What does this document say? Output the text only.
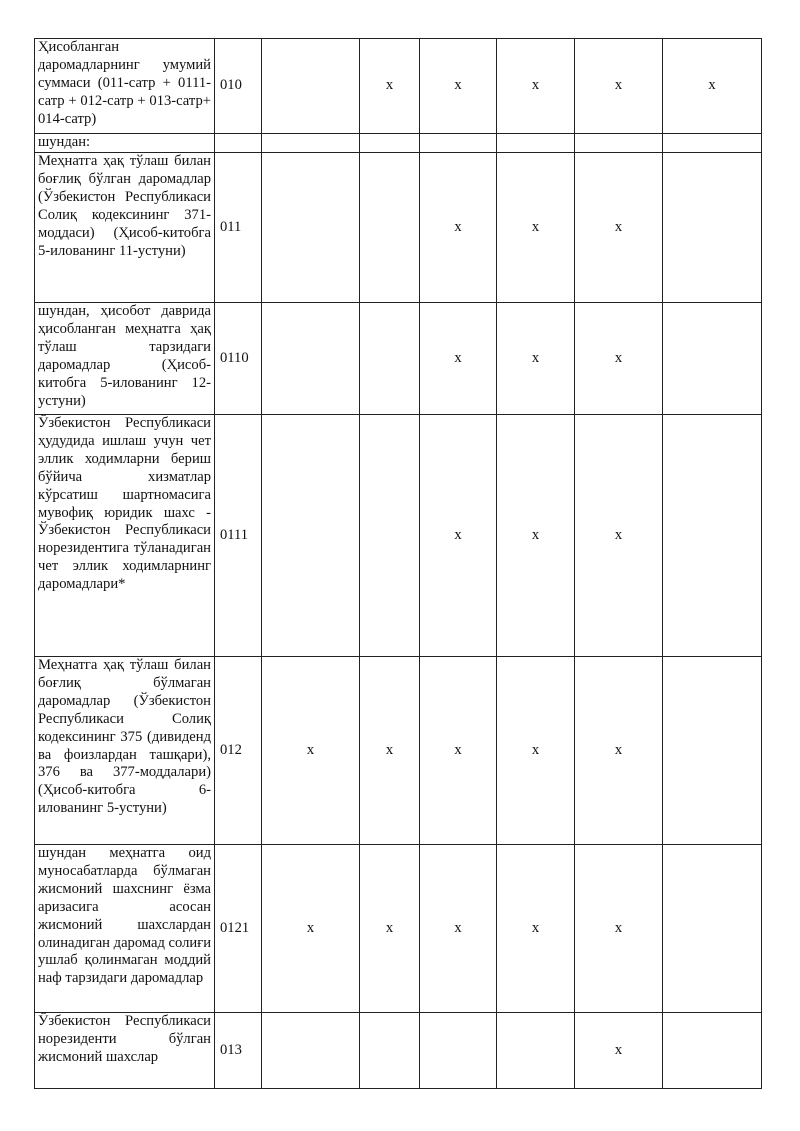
Ҳисобланган даромадларнинг умумий суммаси (011-сатр + 0111-сатр + 012-сатр + 013-сатр+ 014-сатр)	010		x	x	x	x	x
шундан:							
Меҳнатга ҳақ тўлаш билан боғлиқ бўлган даромадлар (Ўзбекистон Республикаси Солиқ кодексининг 371-моддаси) (Ҳисоб-китобга 5-иловaнинг 11-устуни)	011			x	x	x	
шундан, ҳисобот даврида ҳисобланган меҳнатга ҳақ тўлаш тарзидаги даромадлар (Ҳисоб-китобга 5-иловaнинг 12-устуни)	0110			x	x	x	
Ўзбекистон Республикаси ҳудудида ишлаш учун чет эллик ходимларни бериш бўйича хизматлар кўрсатиш шартномасига мувофиқ юридик шахс - Ўзбекистон Республикаси норезидентига тўланадиган чет эллик ходимларнинг даромадлари*	0111			x	x	x	
Меҳнатга ҳақ тўлаш билан боғлиқ бўлмаган даромадлар (Ўзбекистон Республикаси Солиқ кодексининг 375 (дивиденд ва фоизлардан ташқари), 376 ва 377-моддалари) (Ҳисоб-китобга 6-иловaнинг 5-устуни)	012	x	x	x	x	x	
шундан меҳнатга оид муносабатларда бўлмаган жисмоний шахснинг ёзма аризасига асосан жисмоний шахслардан олинадиган даромад солиғи ушлаб қолинмаган моддий наф тарзидаги даромадлар	0121	x	x	x	x	x	
Ўзбекистон Республикаси норезиденти бўлган жисмоний шахслар	013					x	
